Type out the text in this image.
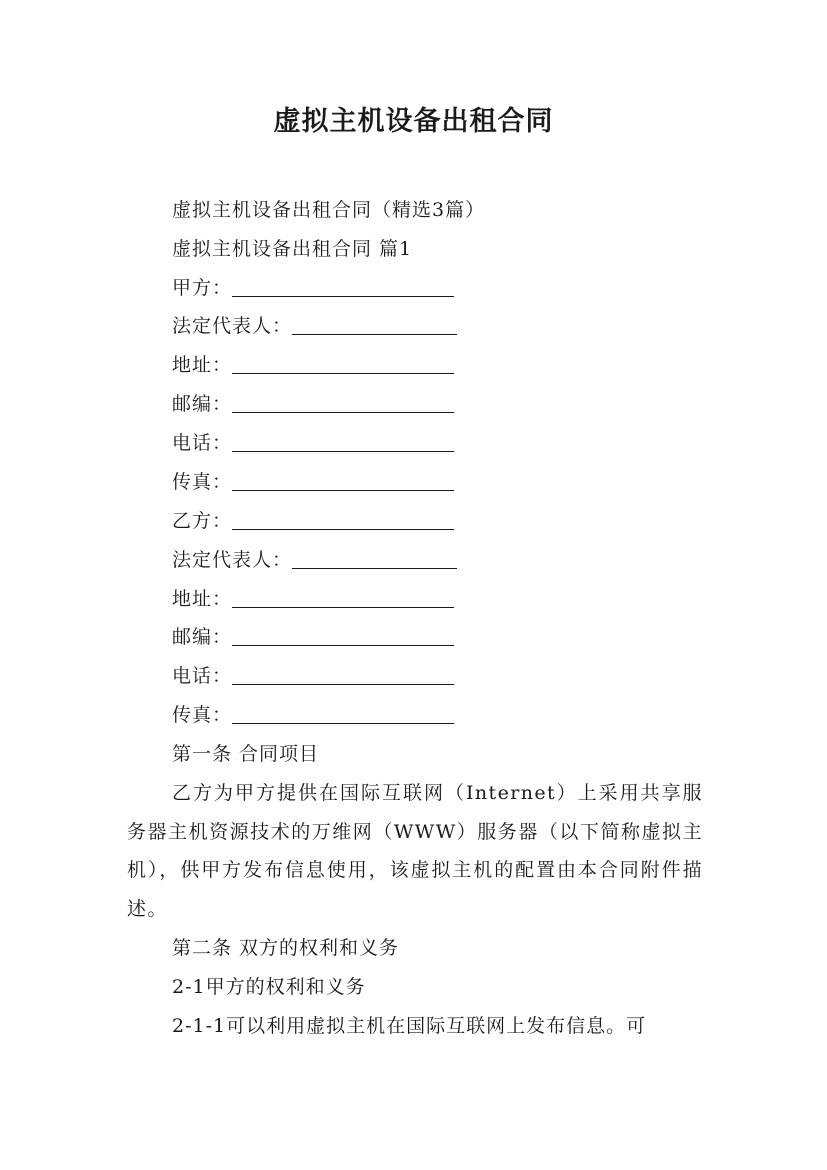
虚拟主机设备出租合同
虚拟主机设备出租合同（精选3篇）
虚拟主机设备出租合同 篇1
甲方：
法定代表人：
地址：
邮编：
电话：
传真：
乙方：
法定代表人：
地址：
邮编：
电话：
传真：
第一条 合同项目
乙方为甲方提供在国际互联网（Internet）上采用共享服务器主机资源技术的万维网（WWW）服务器（以下简称虚拟主机），供甲方发布信息使用，该虚拟主机的配置由本合同附件描述。
第二条 双方的权利和义务
2-1甲方的权利和义务
2-1-1可以利用虚拟主机在国际互联网上发布信息。可
